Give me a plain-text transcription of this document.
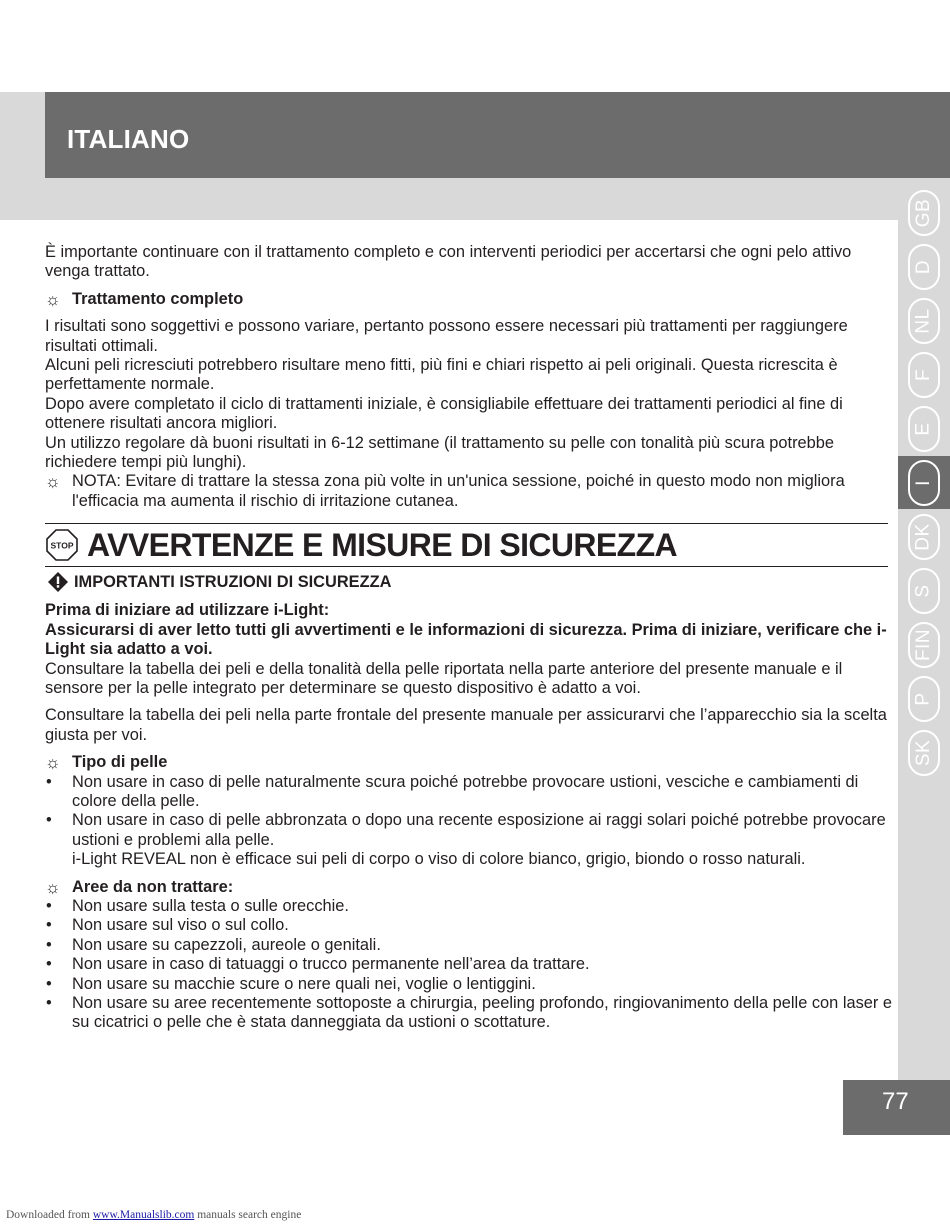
ITALIANO
GB
D
NL
F
E
I
DK
S
FIN
P
SK

È importante continuare con il trattamento completo e con interventi periodici per accertarsi che ogni pelo attivo venga trattato.

☼ Trattamento completo

I risultati sono soggettivi e possono variare, pertanto possono essere necessari più trattamenti per raggiungere risultati ottimali.

Alcuni peli ricresciuti potrebbero risultare meno fitti, più fini e chiari rispetto ai peli originali. Questa ricrescita è perfettamente normale.

Dopo avere completato il ciclo di trattamenti iniziale, è consigliabile effettuare dei trattamenti periodici al fine di ottenere risultati ancora migliori.

Un utilizzo regolare dà buoni risultati in 6-12 settimane (il trattamento su pelle con tonalità più scura potrebbe richiedere tempi più lunghi).

☼ NOTA: Evitare di trattare la stessa zona più volte in un'unica sessione, poiché in questo modo non migliora l'efficacia ma aumenta il rischio di irritazione cutanea.
STOP AVVERTENZE E MISURE DI SICUREZZA
IMPORTANTI ISTRUZIONI DI SICUREZZA

Prima di iniziare ad utilizzare i-Light:

Assicurarsi di aver letto tutti gli avvertimenti e le informazioni di sicurezza. Prima di iniziare, verificare che i-Light sia adatto a voi.

Consultare la tabella dei peli e della tonalità della pelle riportata nella parte anteriore del presente manuale e il sensore per la pelle integrato per determinare se questo dispositivo è adatto a voi.

Consultare la tabella dei peli nella parte frontale del presente manuale per assicurarvi che l’apparecchio sia la scelta giusta per voi.

☼ Tipo di pelle
•	Non usare in caso di pelle naturalmente scura poiché potrebbe provocare ustioni, vesciche e cambiamenti di colore della pelle.
•	Non usare in caso di pelle abbronzata o dopo una recente esposizione ai raggi solari poiché potrebbe provocare ustioni e problemi alla pelle.

i-Light REVEAL non è efficace sui peli di corpo o viso di colore bianco, grigio, biondo o rosso naturali.

☼ Aree da non trattare:
•	Non usare sulla testa o sulle orecchie.
•	Non usare sul viso o sul collo.
•	Non usare su capezzoli, aureole o genitali.
•	Non usare in caso di tatuaggi o trucco permanente nell’area da trattare.
•	Non usare su macchie scure o nere quali nei, voglie o lentiggini.
•	Non usare su aree recentemente sottoposte a chirurgia, peeling profondo, ringiovanimento della pelle con laser e su cicatrici o pelle che è stata danneggiata da ustioni o scottature.
77
Downloaded from www.Manualslib.com manuals search engine
